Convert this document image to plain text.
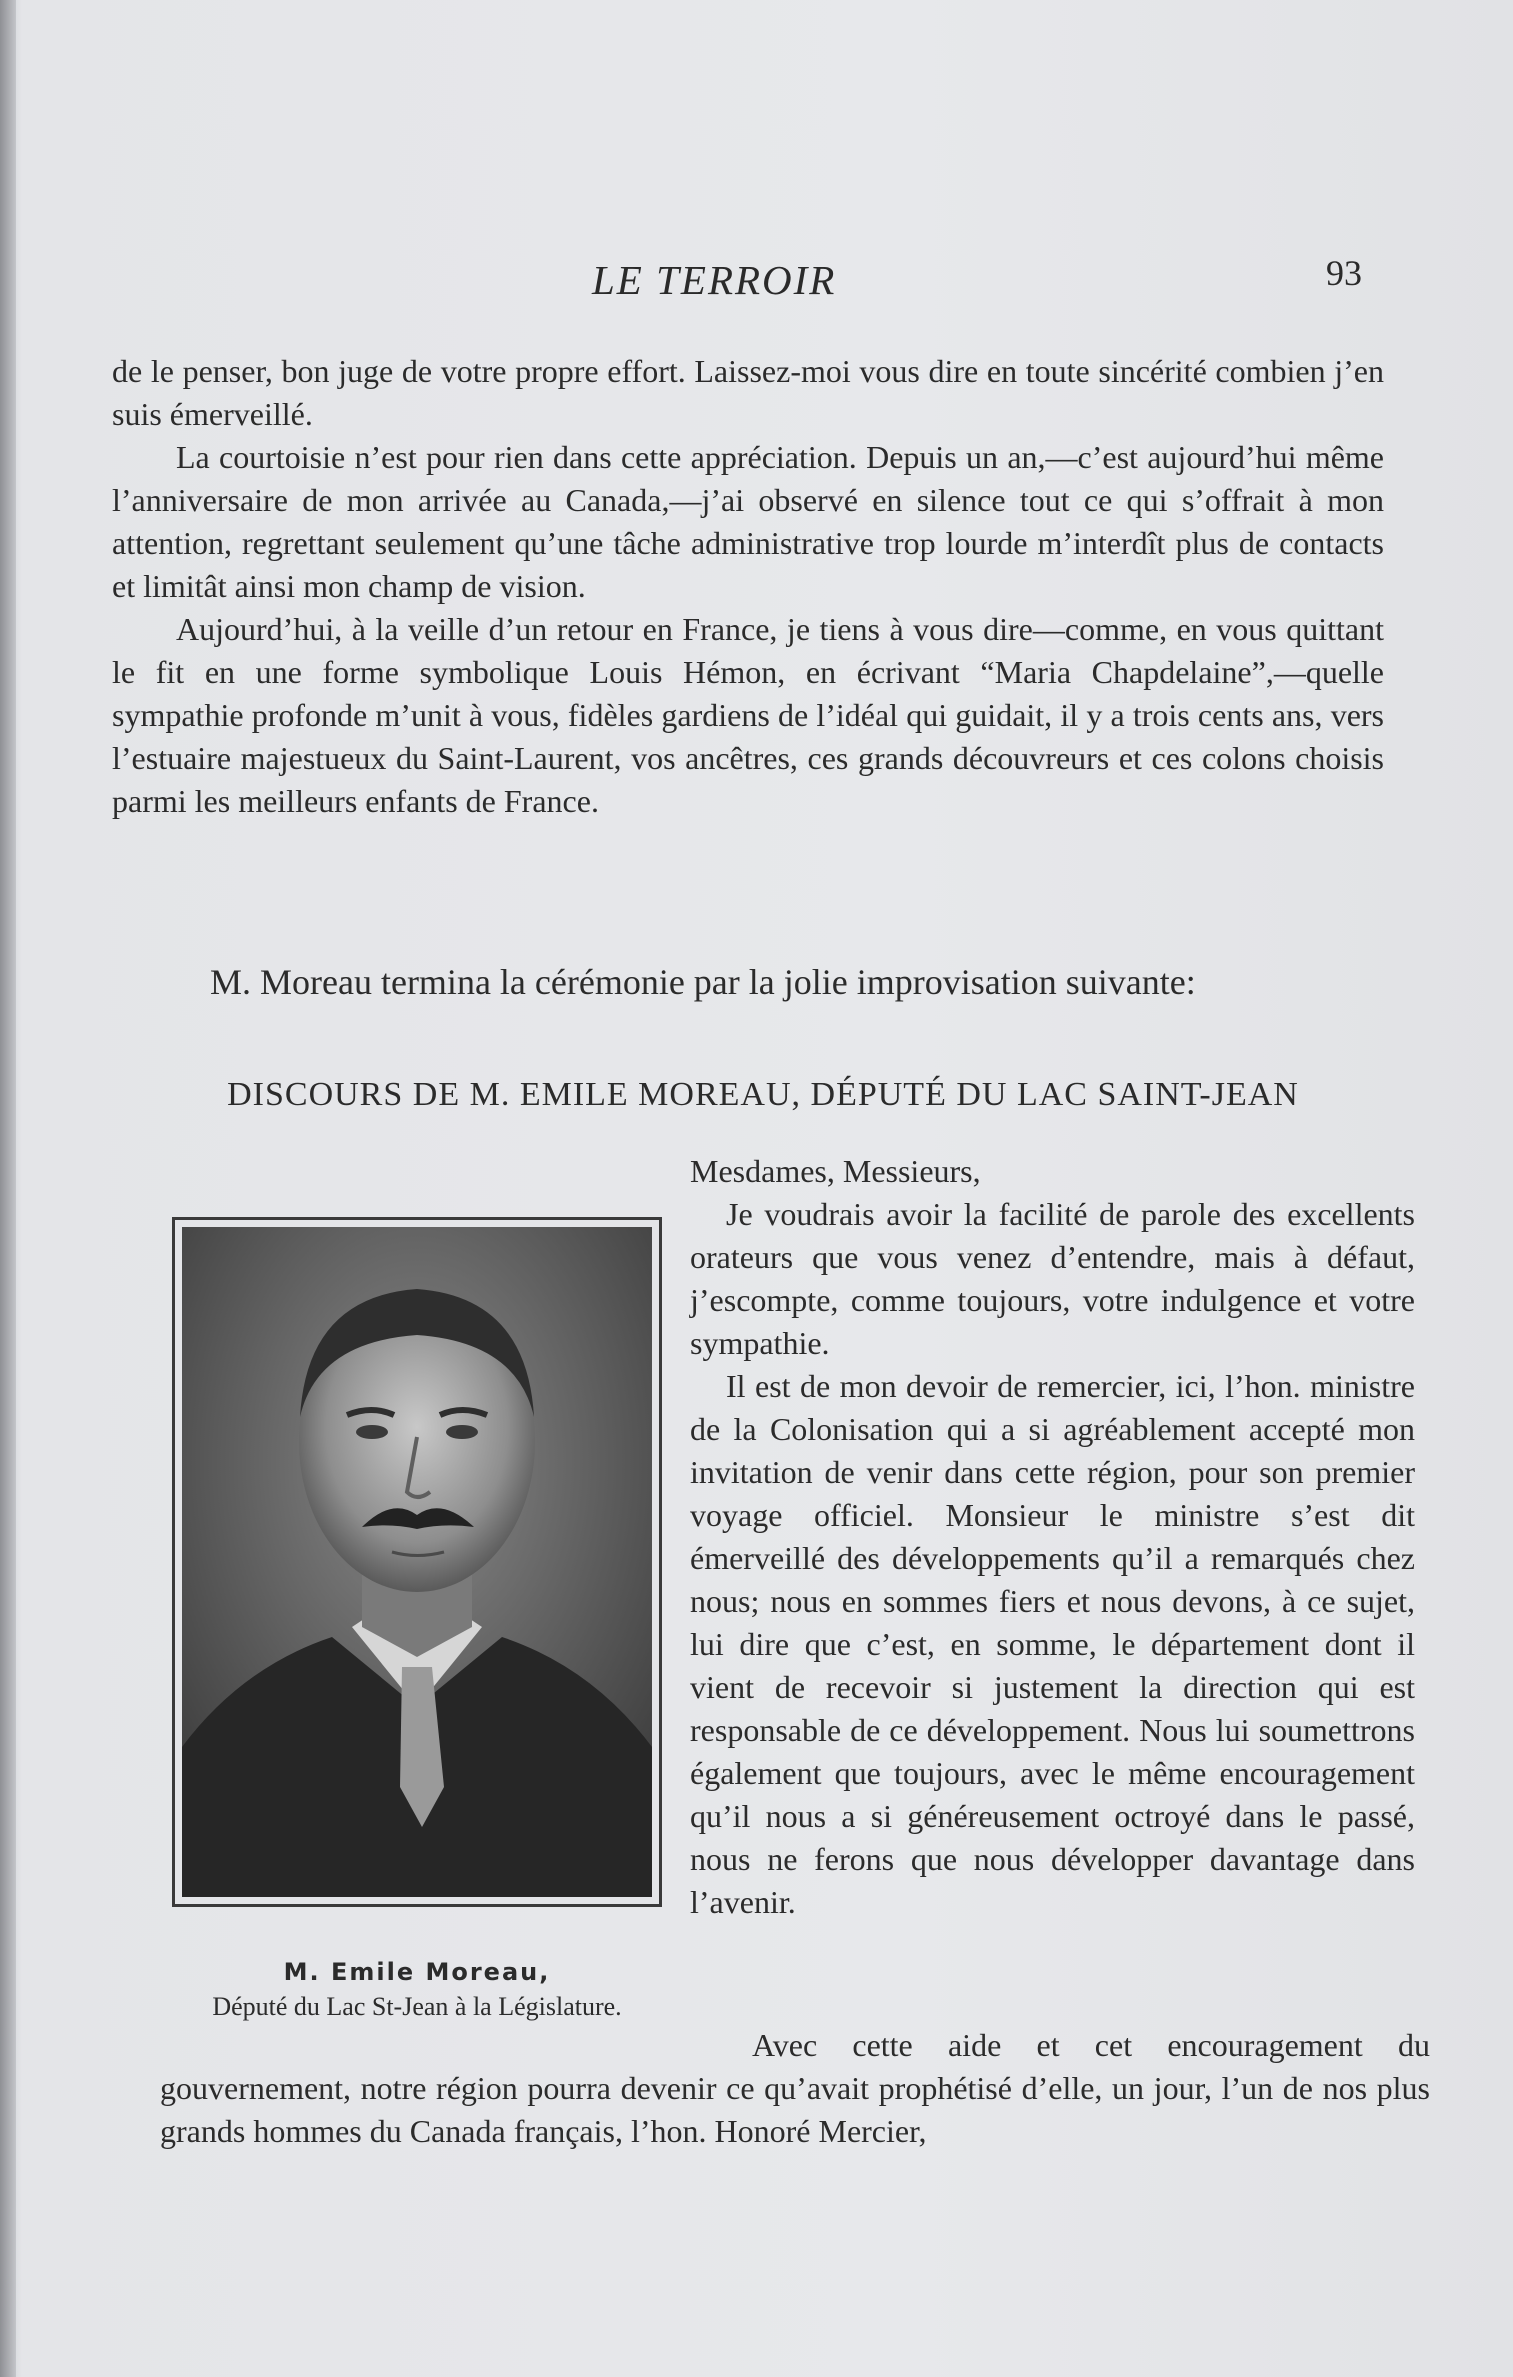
LE TERROIR	93

de le penser, bon juge de votre propre effort. Laissez-moi vous dire en toute sincérité combien j’en suis émerveillé.

La courtoisie n’est pour rien dans cette appréciation. Depuis un an,—c’est aujourd’hui même l’anniversaire de mon arrivée au Canada,—j’ai observé en silence tout ce qui s’offrait à mon attention, regrettant seulement qu’une tâche administrative trop lourde m’interdît plus de contacts et limitât ainsi mon champ de vision.

Aujourd’hui, à la veille d’un retour en France, je tiens à vous dire—comme, en vous quittant le fit en une forme symbolique Louis Hémon, en écrivant “Maria Chapdelaine”,—quelle sympathie profonde m’unit à vous, fidèles gardiens de l’idéal qui guidait, il y a trois cents ans, vers l’estuaire majestueux du Saint-Laurent, vos ancêtres, ces grands découvreurs et ces colons choisis parmi les meilleurs enfants de France.

M. Moreau termina la cérémonie par la jolie improvisation suivante:
DISCOURS DE M. EMILE MOREAU, DÉPUTÉ DU LAC SAINT-JEAN

M. Emile Moreau,

Député du Lac St-Jean à la Législature.

Mesdames, Messieurs,

Je voudrais avoir la facilité de parole des excellents orateurs que vous venez d’entendre, mais à défaut, j’escompte, comme toujours, votre indulgence et votre sympathie.

Il est de mon devoir de remercier, ici, l’hon. ministre de la Colonisation qui a si agréablement accepté mon invitation de venir dans cette région, pour son premier voyage officiel. Monsieur le ministre s’est dit émerveillé des développements qu’il a remarqués chez nous; nous en sommes fiers et nous devons, à ce sujet, lui dire que c’est, en somme, le département dont il vient de recevoir si justement la direction qui est responsable de ce développement. Nous lui soumettrons également que toujours, avec le même encouragement qu’il nous a si généreusement octroyé dans le passé, nous ne ferons que nous développer davantage dans l’avenir.

Avec cette aide et cet encouragement du gouvernement, notre région pourra devenir ce qu’avait prophétisé d’elle, un jour, l’un de nos plus grands hommes du Canada français, l’hon. Honoré Mercier,
